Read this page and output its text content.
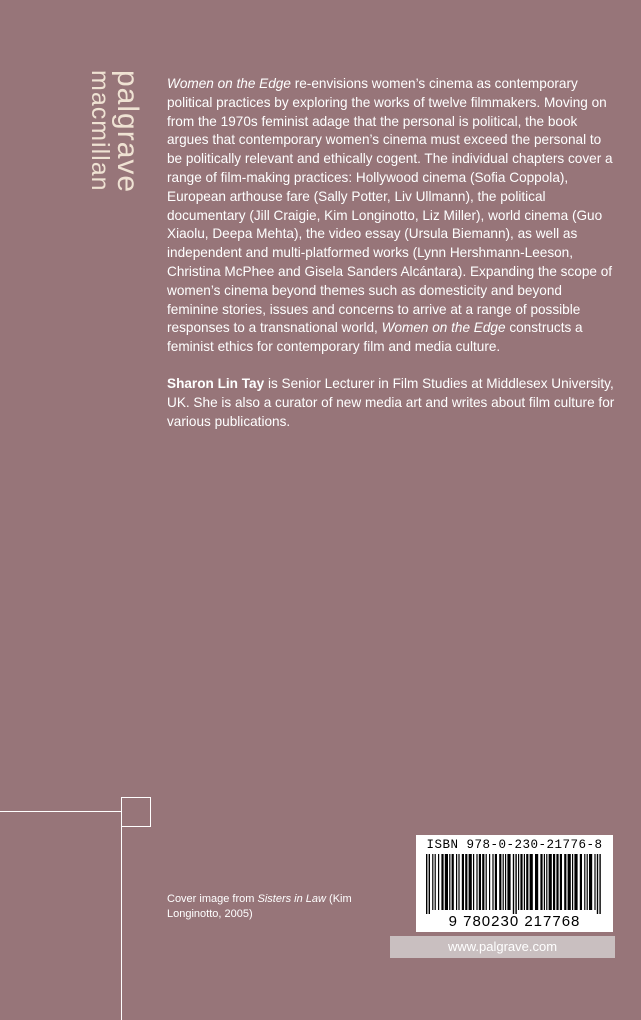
palgrave
macmillan	Women on the Edge re-envisions women’s cinema as contemporary political practices by exploring the works of twelve filmmakers. Moving on from the 1970s feminist adage that the personal is political, the book argues that contemporary women’s cinema must exceed the personal to be politically relevant and ethically cogent. The individual chapters cover a range of film-making practices: Hollywood cinema (Sofia Coppola), European arthouse fare (Sally Potter, Liv Ullmann), the political documentary (Jill Craigie, Kim Longinotto, Liz Miller), world cinema (Guo Xiaolu, Deepa Mehta), the video essay (Ursula Biemann), as well as independent and multi-platformed works (Lynn Hershmann-Leeson, Christina McPhee and Gisela Sanders Alcántara). Expanding the scope of women’s cinema beyond themes such as domesticity and beyond feminine stories, issues and concerns to arrive at a range of possible responses to a transnational world, Women on the Edge constructs a feminist ethics for contemporary film and media culture.

Sharon Lin Tay is Senior Lecturer in Film Studies at Middlesex University, UK. She is also a curator of new media art and writes about film culture for various publications.

Cover image from Sisters in Law (Kim Longinotto, 2005)
ISBN 978-0-230-21776-8
9 780230 217768
www.palgrave.com
